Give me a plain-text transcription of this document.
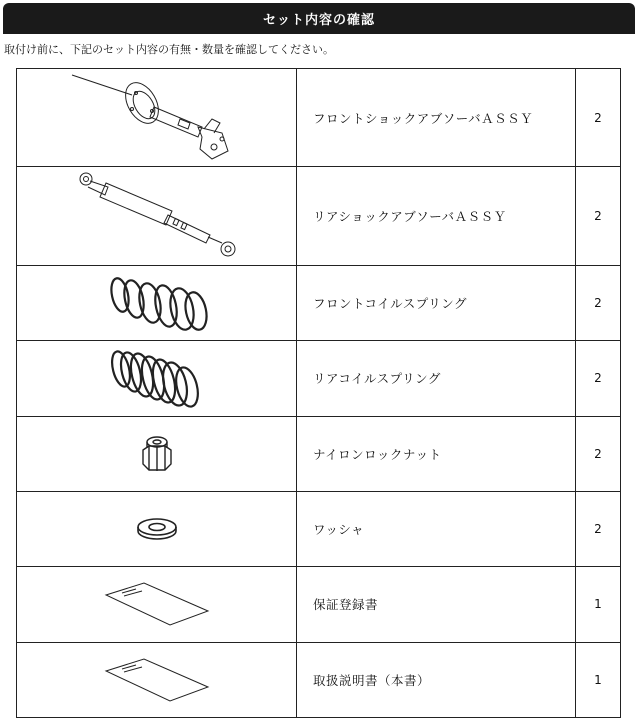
セット内容の確認
取付け前に、下記のセット内容の有無・数量を確認してください。
	フロントショックアブソーバＡＳＳＹ	2

	リアショックアブソーバＡＳＳＹ	2

	フロントコイルスプリング	2

	リアコイルスプリング	2

	ナイロンロックナット	2

	ワッシャ	2

	保証登録書	1

	取扱説明書（本書）	1
